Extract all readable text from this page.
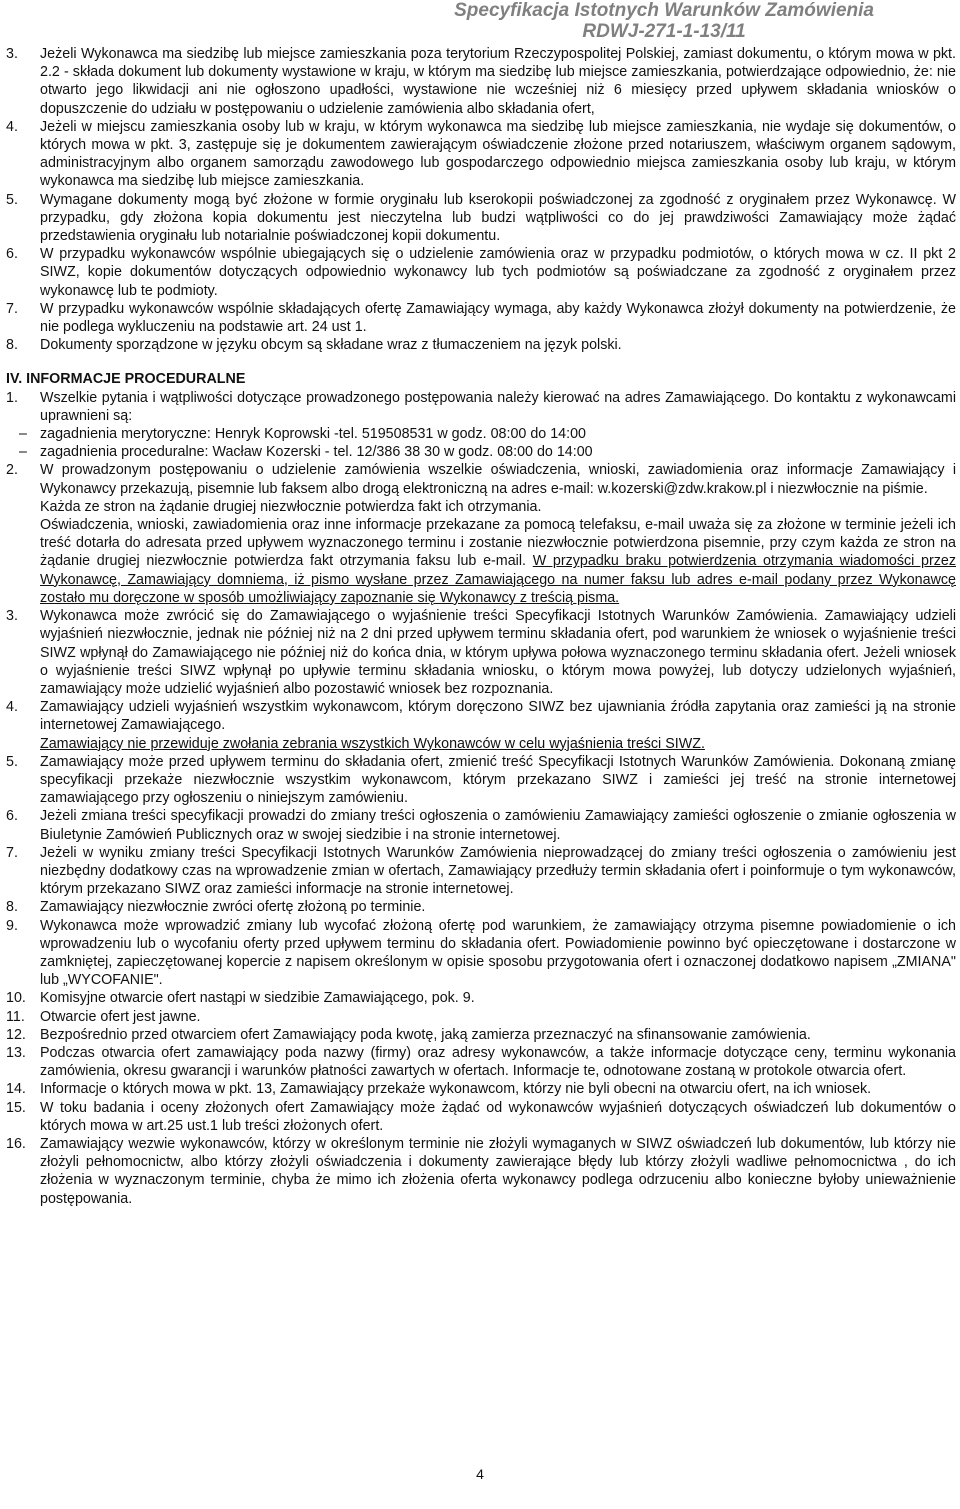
Specyfikacja Istotnych Warunków Zamówienia
RDWJ-271-1-13/11
3.	Jeżeli Wykonawca ma siedzibę lub miejsce zamieszkania poza terytorium Rzeczypospolitej Polskiej, zamiast dokumentu, o którym mowa w pkt. 2.2 - składa dokument lub dokumenty wystawione w kraju, w którym ma siedzibę lub miejsce zamieszkania, potwierdzające odpowiednio, że: nie otwarto jego likwidacji ani nie ogłoszono upadłości, wystawione nie wcześniej niż 6 miesięcy przed upływem składania wniosków o dopuszczenie do udziału w postępowaniu o udzielenie zamówienia albo składania ofert,
4.	Jeżeli w miejscu zamieszkania osoby lub w kraju, w którym wykonawca ma siedzibę lub miejsce zamieszkania, nie wydaje się dokumentów, o których mowa w pkt. 3, zastępuje się je dokumentem zawierającym oświadczenie złożone przed notariuszem, właściwym organem sądowym, administracyjnym albo organem samorządu zawodowego lub gospodarczego odpowiednio miejsca zamieszkania osoby lub kraju, w którym wykonawca ma siedzibę lub miejsce zamieszkania.
5.	Wymagane dokumenty mogą być złożone w formie oryginału lub kserokopii poświadczonej za zgodność z oryginałem przez Wykonawcę. W przypadku, gdy złożona kopia dokumentu jest nieczytelna lub budzi wątpliwości co do jej prawdziwości Zamawiający może żądać przedstawienia oryginału lub notarialnie poświadczonej kopii dokumentu.
6.	W przypadku wykonawców wspólnie ubiegających się o udzielenie zamówienia oraz w przypadku podmiotów, o których mowa w cz. II pkt 2 SIWZ, kopie dokumentów dotyczących odpowiednio wykonawcy lub tych podmiotów są poświadczane za zgodność z oryginałem przez wykonawcę lub te podmioty.
7.	W przypadku wykonawców wspólnie składających ofertę Zamawiający wymaga, aby każdy Wykonawca złożył dokumenty na potwierdzenie, że nie podlega wykluczeniu na podstawie art. 24 ust 1.
8.	Dokumenty sporządzone w języku obcym są składane wraz z tłumaczeniem na język polski.
IV. INFORMACJE PROCEDURALNE
1.	Wszelkie pytania i wątpliwości dotyczące prowadzonego postępowania należy kierować na adres Zamawiającego. Do kontaktu z wykonawcami uprawnieni są:

– zagadnienia merytoryczne: Henryk Koprowski -tel. 519508531 w godz. 08:00 do 14:00
– zagadnienia proceduralne: Wacław Kozerski - tel. 12/386 38 30 w godz. 08:00 do 14:00
2.	W prowadzonym postępowaniu o udzielenie zamówienia wszelkie oświadczenia, wnioski, zawiadomienia oraz informacje Zamawiający i Wykonawcy przekazują, pisemnie lub faksem albo drogą elektroniczną na adres e-mail: w.kozerski@zdw.krakow.pl i niezwłocznie na piśmie.

Każda ze stron na żądanie drugiej niezwłocznie potwierdza fakt ich otrzymania.

Oświadczenia, wnioski, zawiadomienia oraz inne informacje przekazane za pomocą telefaksu, e-mail uważa się za złożone w terminie jeżeli ich treść dotarła do adresata przed upływem wyznaczonego terminu i zostanie niezwłocznie potwierdzona pisemnie, przy czym każda ze stron na żądanie drugiej niezwłocznie potwierdza fakt otrzymania faksu lub e-mail. W przypadku braku potwierdzenia otrzymania wiadomości przez Wykonawcę, Zamawiający domniema, iż pismo wysłane przez Zamawiającego na numer faksu lub adres e-mail podany przez Wykonawcę zostało mu doręczone w sposób umożliwiający zapoznanie się Wykonawcy z treścią pisma.

3.	Wykonawca może zwrócić się do Zamawiającego o wyjaśnienie treści Specyfikacji Istotnych Warunków Zamówienia. Zamawiający udzieli wyjaśnień niezwłocznie, jednak nie później niż na 2 dni przed upływem terminu składania ofert, pod warunkiem że wniosek o wyjaśnienie treści SIWZ wpłynął do Zamawiającego nie później niż do końca dnia, w którym upływa połowa wyznaczonego terminu składania ofert. Jeżeli wniosek o wyjaśnienie treści SIWZ wpłynął po upływie terminu składania wniosku, o którym mowa powyżej, lub dotyczy udzielonych wyjaśnień, zamawiający może udzielić wyjaśnień albo pozostawić wniosek bez rozpoznania.
4.	Zamawiający udzieli wyjaśnień wszystkim wykonawcom, którym doręczono SIWZ bez ujawniania źródła zapytania oraz zamieści ją na stronie internetowej Zamawiającego.

Zamawiający nie przewiduje zwołania zebrania wszystkich Wykonawców w celu wyjaśnienia treści SIWZ.

5.	Zamawiający może przed upływem terminu do składania ofert, zmienić treść Specyfikacji Istotnych Warunków Zamówienia. Dokonaną zmianę specyfikacji przekaże niezwłocznie wszystkim wykonawcom, którym przekazano SIWZ i zamieści jej treść na stronie internetowej zamawiającego przy ogłoszeniu o niniejszym zamówieniu.
6.	Jeżeli zmiana treści specyfikacji prowadzi do zmiany treści ogłoszenia o zamówieniu Zamawiający zamieści ogłoszenie o zmianie ogłoszenia w Biuletynie Zamówień Publicznych oraz w swojej siedzibie i na stronie internetowej.
7.	Jeżeli w wyniku zmiany treści Specyfikacji Istotnych Warunków Zamówienia nieprowadzącej do zmiany treści ogłoszenia o zamówieniu jest niezbędny dodatkowy czas na wprowadzenie zmian w ofertach, Zamawiający przedłuży termin składania ofert i poinformuje o tym wykonawców, którym przekazano SIWZ oraz zamieści informacje na stronie internetowej.
8.	Zamawiający niezwłocznie zwróci ofertę złożoną po terminie.
9.	Wykonawca może wprowadzić zmiany lub wycofać złożoną ofertę pod warunkiem, że zamawiający otrzyma pisemne powiadomienie o ich wprowadzeniu lub o wycofaniu oferty przed upływem terminu do składania ofert. Powiadomienie powinno być opieczętowane i dostarczone w zamkniętej, zapieczętowanej kopercie z napisem określonym w opisie sposobu przygotowania ofert i oznaczonej dodatkowo napisem „ZMIANA" lub „WYCOFANIE".
10. Komisyjne otwarcie ofert nastąpi w siedzibie Zamawiającego, pok. 9.
11.	Otwarcie ofert jest jawne.
12. Bezpośrednio przed otwarciem ofert Zamawiający poda kwotę, jaką zamierza przeznaczyć na sfinansowanie zamówienia.
13. Podczas otwarcia ofert zamawiający poda nazwy (firmy) oraz adresy wykonawców, a także informacje dotyczące ceny, terminu wykonania zamówienia, okresu gwarancji i warunków płatności zawartych w ofertach. Informacje te, odnotowane zostaną w protokole otwarcia ofert.
14. Informacje o których mowa w pkt. 13, Zamawiający przekaże wykonawcom, którzy nie byli obecni na otwarciu ofert, na ich wniosek.
15. W toku badania i oceny złożonych ofert Zamawiający może żądać od wykonawców wyjaśnień dotyczących oświadczeń lub dokumentów o których mowa w art.25 ust.1 lub treści złożonych ofert.
16. Zamawiający wezwie wykonawców, którzy w określonym terminie nie złożyli wymaganych w SIWZ oświadczeń lub dokumentów, lub którzy nie złożyli pełnomocnictw, albo którzy złożyli oświadczenia i dokumenty zawierające błędy lub którzy złożyli wadliwe pełnomocnictwa , do ich złożenia w wyznaczonym terminie, chyba że mimo ich złożenia oferta wykonawcy podlega odrzuceniu albo konieczne byłoby unieważnienie postępowania.
4
